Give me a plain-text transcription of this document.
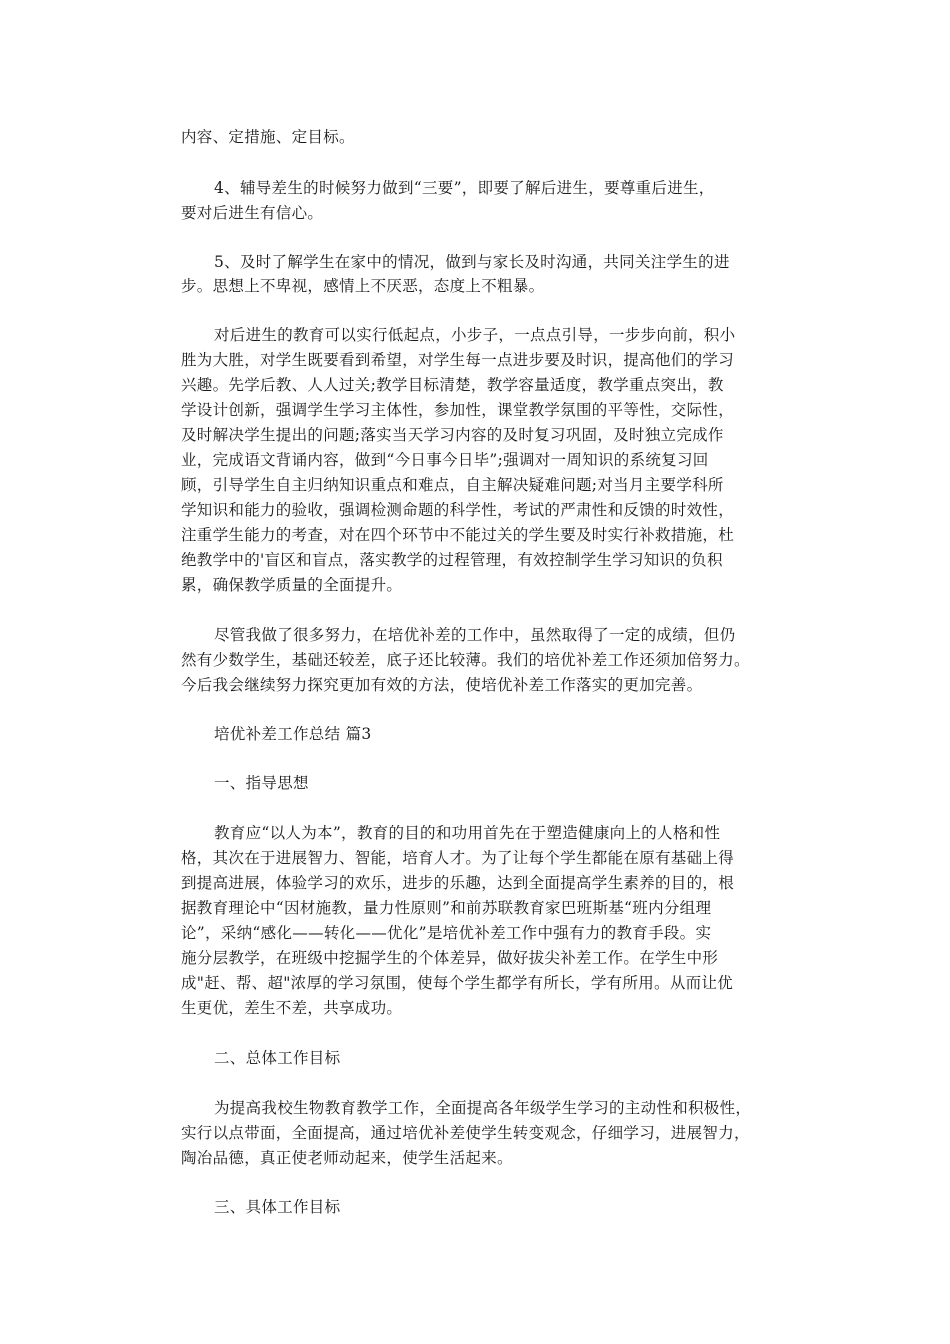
内容、定措施、定目标。
4、辅导差生的时候努力做到“三要”，即要了解后进生，要尊重后进生，
要对后进生有信心。
5、及时了解学生在家中的情况，做到与家长及时沟通，共同关注学生的进
步。思想上不卑视，感情上不厌恶，态度上不粗暴。
对后进生的教育可以实行低起点，小步子，一点点引导，一步步向前，积小
胜为大胜，对学生既要看到希望，对学生每一点进步要及时识，提高他们的学习
兴趣。先学后教、人人过关;教学目标清楚，教学容量适度，教学重点突出，教
学设计创新，强调学生学习主体性，参加性，课堂教学氛围的平等性，交际性，
及时解决学生提出的问题;落实当天学习内容的及时复习巩固，及时独立完成作
业，完成语文背诵内容，做到“今日事今日毕”;强调对一周知识的系统复习回
顾，引导学生自主归纳知识重点和难点，自主解决疑难问题;对当月主要学科所
学知识和能力的验收，强调检测命题的科学性，考试的严肃性和反馈的时效性，
注重学生能力的考查，对在四个环节中不能过关的学生要及时实行补救措施，杜
绝教学中的'盲区和盲点，落实教学的过程管理，有效控制学生学习知识的负积
累，确保教学质量的全面提升。
尽管我做了很多努力，在培优补差的工作中，虽然取得了一定的成绩，但仍
然有少数学生，基础还较差，底子还比较薄。我们的培优补差工作还须加倍努力。
今后我会继续努力探究更加有效的方法，使培优补差工作落实的更加完善。
培优补差工作总结 篇3
一、指导思想
教育应“以人为本”，教育的目的和功用首先在于塑造健康向上的人格和性
格，其次在于进展智力、智能，培育人才。为了让每个学生都能在原有基础上得
到提高进展，体验学习的欢乐，进步的乐趣，达到全面提高学生素养的目的，根
据教育理论中“因材施教，量力性原则”和前苏联教育家巴班斯基“班内分组理
论”，采纳“感化——转化——优化”是培优补差工作中强有力的教育手段。实
施分层教学，在班级中挖掘学生的个体差异，做好拔尖补差工作。在学生中形
成"赶、帮、超"浓厚的学习氛围，使每个学生都学有所长，学有所用。从而让优
生更优，差生不差，共享成功。
二、总体工作目标
为提高我校生物教育教学工作，全面提高各年级学生学习的主动性和积极性，
实行以点带面，全面提高，通过培优补差使学生转变观念，仔细学习，进展智力，
陶冶品德，真正使老师动起来，使学生活起来。
三、具体工作目标
